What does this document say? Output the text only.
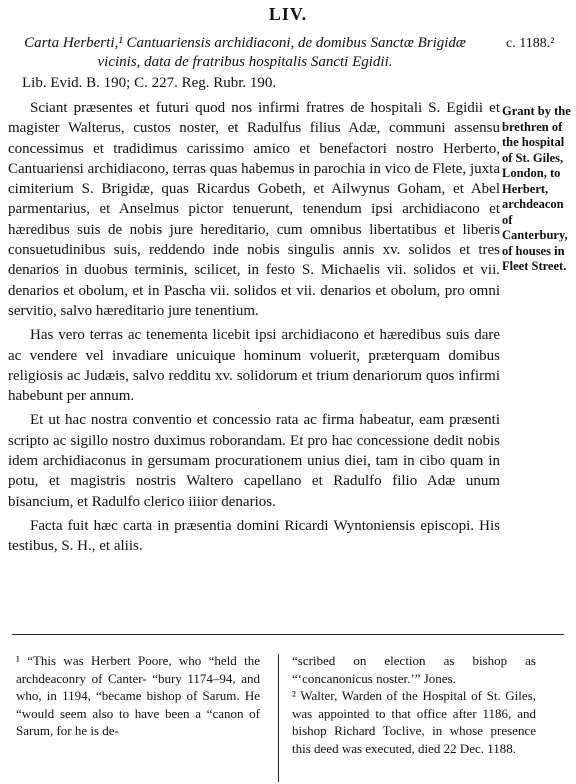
LIV.
Carta Herberti,¹ Cantuariensis archidiaconi, de domibus Sanctæ Brigidæ vicinis, data de fratribus hospitalis Sancti Egidii.
c. 1188.²
Lib. Evid. B. 190; C. 227. Reg. Rubr. 190.

Sciant præsentes et futuri quod nos infirmi fratres de hospitali S. Egidii et magister Walterus, custos noster, et Radulfus filius Adæ, communi assensu concessimus et tradidimus carissimo amico et benefactori nostro Herberto, Cantuariensi archidiacono, terras quas habemus in parochia in vico de Flete, juxta cimiterium S. Brigidæ, quas Ricardus Gobeth, et Ailwynus Goham, et Abel parmentarius, et Anselmus pictor tenuerunt, tenendum ipsi archidiacono et hæredibus suis de nobis jure hereditario, cum omnibus libertatibus et liberis consuetudinibus suis, reddendo inde nobis singulis annis xv. solidos et tres denarios in duobus terminis, scilicet, in festo S. Michaelis vii. solidos et vii. denarios et obolum, et in Pascha vii. solidos et vii. denarios et obolum, pro omni servitio, salvo hæreditario jure tenentium.

Has vero terras ac tenementa licebit ipsi archidiacono et hæredibus suis dare ac vendere vel invadiare unicuique hominum voluerit, præterquam domibus religiosis ac Judæis, salvo redditu xv. solidorum et trium denariorum quos infirmi habebunt per annum.

Et ut hac nostra conventio et concessio rata ac firma habeatur, eam præsenti scripto ac sigillo nostro duximus roborandam. Et pro hac concessione dedit nobis idem archidiaconus in gersumam procurationem unius diei, tam in cibo quam in potu, et magistris nostris Waltero capellano et Radulfo filio Adæ unum bisancium, et Radulfo clerico iiiior denarios.

Facta fuit hæc carta in præsentia domini Ricardi Wyntoniensis episcopi. His testibus, S. H., et aliis.

Grant by the brethren of the hospital of St. Giles, London, to Herbert, archdeacon of Canterbury, of houses in Fleet Street.

¹ “This was Herbert Poore, who “held the archdeaconry of Canter- “bury 1174–94, and who, in 1194, “became bishop of Sarum. He “would seem also to have been a “canon of Sarum, for he is de-

“scribed on election as bishop as “‘concanonicus noster.’” Jones.

² Walter, Warden of the Hospital of St. Giles, was appointed to that office after 1186, and bishop Richard Toclive, in whose presence this deed was executed, died 22 Dec. 1188.
